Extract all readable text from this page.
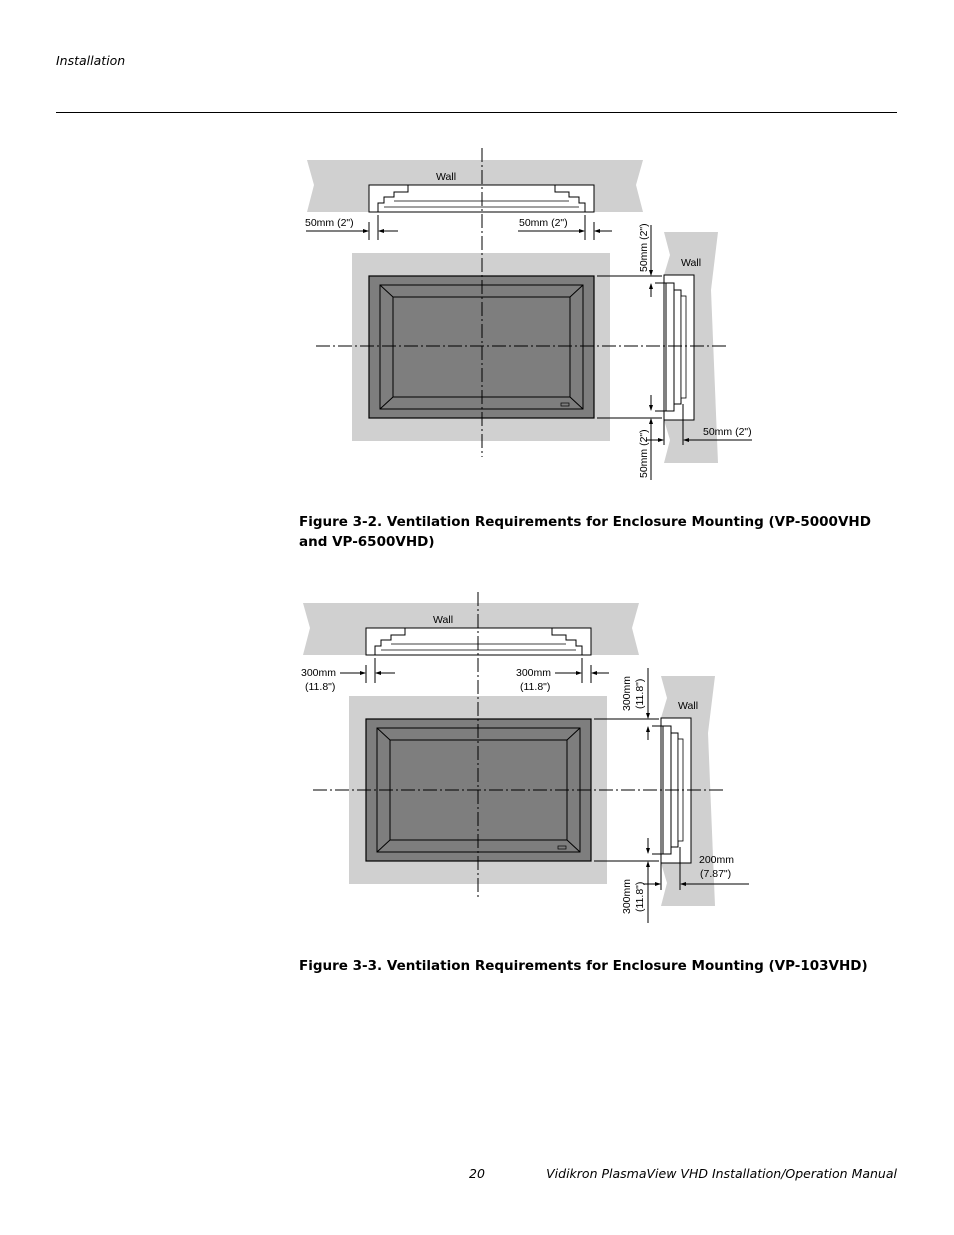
Installation
50mm (2")	50mm (2")
Wall
Wall
50mm (2")
50mm (2")	50mm (2")
Figure 3-2. Ventilation Requirements for Enclosure Mounting (VP-5000VHD and VP-6500VHD)
300mm
(11.8")
300mm
(11.8")
Wall
Wall
300mm (11.8")
300mm (11.8")
200mm
(7.87")
Figure 3-3. Ventilation Requirements for Enclosure Mounting (VP-103VHD)
20	Vidikron PlasmaView VHD Installation/Operation Manual
